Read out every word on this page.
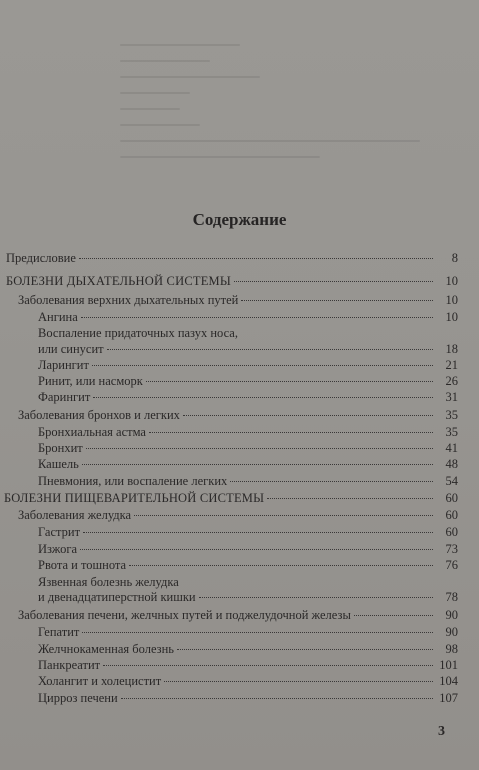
Содержание
Предисловие	8
БОЛЕЗНИ ДЫХАТЕЛЬНОЙ СИСТЕМЫ	10
Заболевания верхних дыхательных путей	10
Ангина	10
Воспаление придаточных пазух носа,
или синусит	18
Ларингит	21
Ринит, или насморк	26
Фарингит	31
Заболевания бронхов и легких	35
Бронхиальная астма	35
Бронхит	41
Кашель	48
Пневмония, или воспаление легких	54
БОЛЕЗНИ ПИЩЕВАРИТЕЛЬНОЙ СИСТЕМЫ	60
Заболевания желудка	60
Гастрит	60
Изжога	73
Рвота и тошнота	76
Язвенная болезнь желудка
и двенадцатиперстной кишки	78
Заболевания печени, желчных путей и поджелудочной железы	90
Гепатит	90
Желчнокаменная болезнь	98
Панкреатит	101
Холангит и холецистит	104
Цирроз печени	107
3
